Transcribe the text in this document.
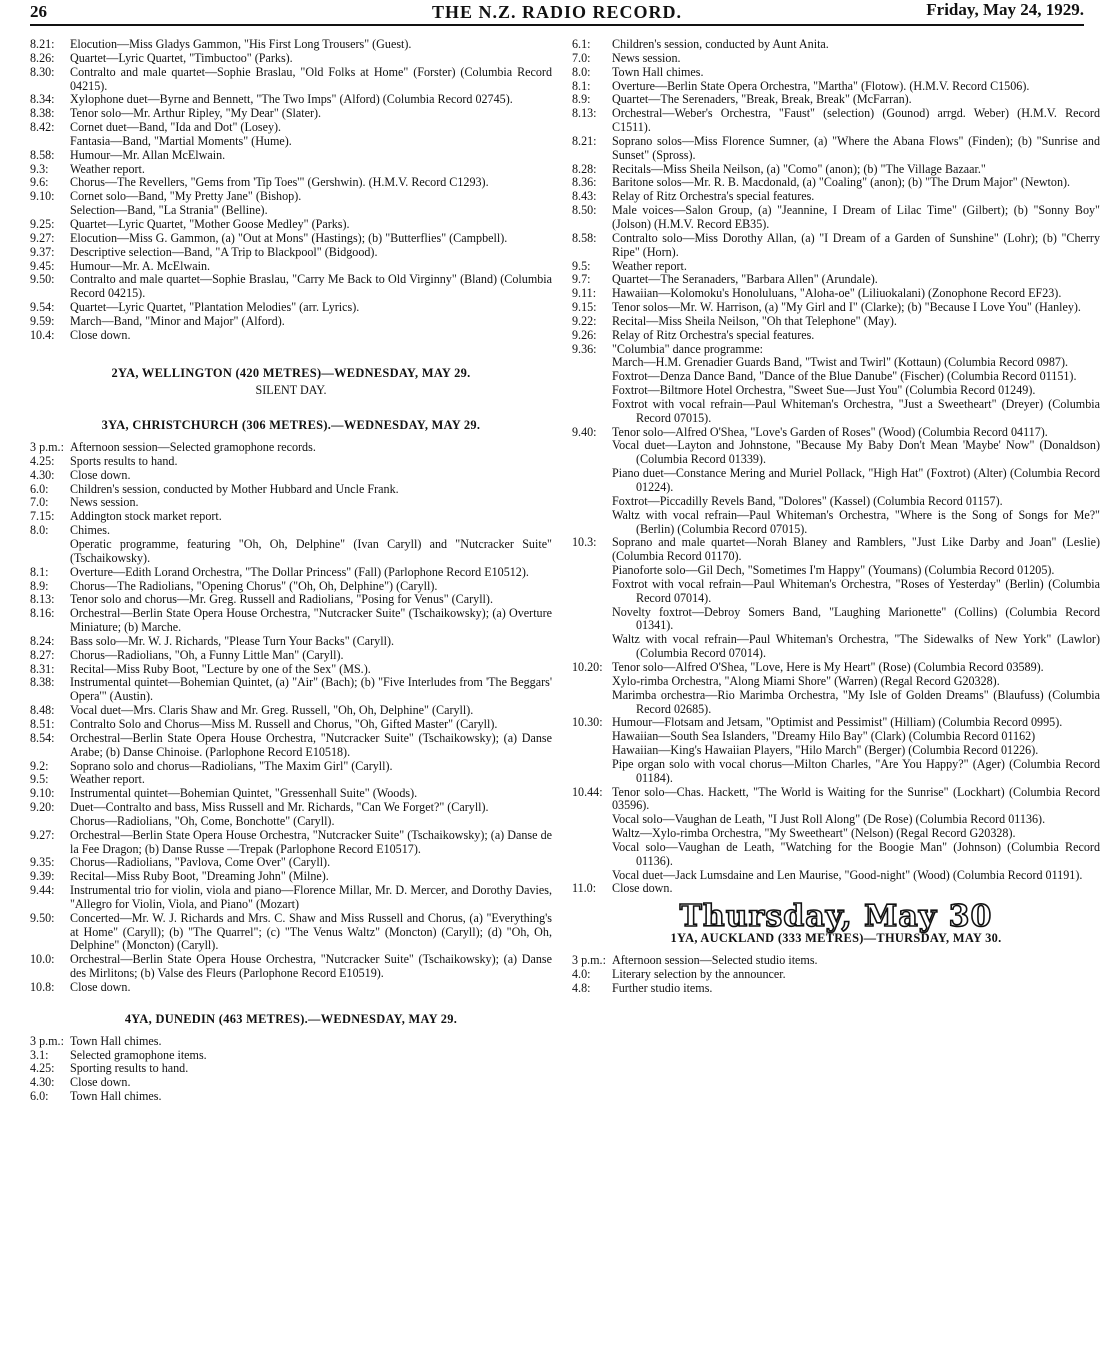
26	THE N.Z. RADIO RECORD.	Friday, May 24, 1929.

8.21: Elocution—Miss Gladys Gammon, "His First Long Trousers" (Guest).

8.26: Quartet—Lyric Quartet, "Timbuctoo" (Parks).

8.30: Contralto and male quartet—Sophie Braslau, "Old Folks at Home" (Forster) (Columbia Record 04215).

8.34: Xylophone duet—Byrne and Bennett, "The Two Imps" (Alford) (Columbia Record 02745).

8.38: Tenor solo—Mr. Arthur Ripley, "My Dear" (Slater).

8.42: Cornet duet—Band, "Ida and Dot" (Losey).

Fantasia—Band, "Martial Moments" (Hume).

8.58: Humour—Mr. Allan McElwain.

9.3: Weather report.

9.6: Chorus—The Revellers, "Gems from 'Tip Toes'" (Gershwin). (H.M.V. Record C1293).

9.10: Cornet solo—Band, "My Pretty Jane" (Bishop).

Selection—Band, "La Strania" (Belline).

9.25: Quartet—Lyric Quartet, "Mother Goose Medley" (Parks).

9.27: Elocution—Miss G. Gammon, (a) "Out at Mons" (Hastings); (b) "Butterflies" (Campbell).

9.37: Descriptive selection—Band, "A Trip to Blackpool" (Bidgood).

9.45: Humour—Mr. A. McElwain.

9.50: Contralto and male quartet—Sophie Braslau, "Carry Me Back to Old Virginny" (Bland) (Columbia Record 04215).

9.54: Quartet—Lyric Quartet, "Plantation Melodies" (arr. Lyrics).

9.59: March—Band, "Minor and Major" (Alford).

10.4: Close down.

2YA, WELLINGTON (420 METRES)—WEDNESDAY, MAY 29.

SILENT DAY.

3YA, CHRISTCHURCH (306 METRES).—WEDNESDAY, MAY 29.

3 p.m.: Afternoon session—Selected gramophone records.

4.25: Sports results to hand.

4.30: Close down.

6.0: Children's session, conducted by Mother Hubbard and Uncle Frank.

7.0: News session.

7.15: Addington stock market report.

8.0: Chimes.

Operatic programme, featuring "Oh, Oh, Delphine" (Ivan Caryll) and "Nutcracker Suite" (Tschaikowsky).

8.1: Overture—Edith Lorand Orchestra, "The Dollar Princess" (Fall) (Parlophone Record E10512).

8.9: Chorus—The Radiolians, "Opening Chorus" ("Oh, Oh, Delphine") (Caryll).

8.13: Tenor solo and chorus—Mr. Greg. Russell and Radiolians, "Posing for Venus" (Caryll).

8.16: Orchestral—Berlin State Opera House Orchestra, "Nutcracker Suite" (Tschaikowsky); (a) Overture Miniature; (b) Marche.

8.24: Bass solo—Mr. W. J. Richards, "Please Turn Your Backs" (Caryll).

8.27: Chorus—Radiolians, "Oh, a Funny Little Man" (Caryll).

8.31: Recital—Miss Ruby Boot, "Lecture by one of the Sex" (MS.).

8.38: Instrumental quintet—Bohemian Quintet, (a) "Air" (Bach); (b) "Five Interludes from 'The Beggars' Opera'" (Austin).

8.48: Vocal duet—Mrs. Claris Shaw and Mr. Greg. Russell, "Oh, Oh, Delphine" (Caryll).

8.51: Contralto Solo and Chorus—Miss M. Russell and Chorus, "Oh, Gifted Master" (Caryll).

8.54: Orchestral—Berlin State Opera House Orchestra, "Nutcracker Suite" (Tschaikowsky); (a) Danse Arabe; (b) Danse Chinoise. (Parlophone Record E10518).

9.2: Soprano solo and chorus—Radiolians, "The Maxim Girl" (Caryll).

9.5: Weather report.

9.10: Instrumental quintet—Bohemian Quintet, "Gressenhall Suite" (Woods).

9.20: Duet—Contralto and bass, Miss Russell and Mr. Richards, "Can We Forget?" (Caryll).

Chorus—Radiolians, "Oh, Come, Bonchotte" (Caryll).

9.27: Orchestral—Berlin State Opera House Orchestra, "Nutcracker Suite" (Tschaikowsky); (a) Danse de la Fee Dragon; (b) Danse Russe —Trepak (Parlophone Record E10517).

9.35: Chorus—Radiolians, "Pavlova, Come Over" (Caryll).

9.39: Recital—Miss Ruby Boot, "Dreaming John" (Milne).

9.44: Instrumental trio for violin, viola and piano—Florence Millar, Mr. D. Mercer, and Dorothy Davies, "Allegro for Violin, Viola, and Piano" (Mozart)

9.50: Concerted—Mr. W. J. Richards and Mrs. C. Shaw and Miss Russell and Chorus, (a) "Everything's at Home" (Caryll); (b) "The Quarrel"; (c) "The Venus Waltz" (Moncton) (Caryll); (d) "Oh, Oh, Delphine" (Moncton) (Caryll).

10.0: Orchestral—Berlin State Opera House Orchestra, "Nutcracker Suite" (Tschaikowsky); (a) Danse des Mirlitons; (b) Valse des Fleurs (Parlophone Record E10519).

10.8: Close down.

4YA, DUNEDIN (463 METRES).—WEDNESDAY, MAY 29.

3 p.m.: Town Hall chimes.

3.1: Selected gramophone items.

4.25: Sporting results to hand.

4.30: Close down.

6.0: Town Hall chimes.

6.1: Children's session, conducted by Aunt Anita.

7.0: News session.

8.0: Town Hall chimes.

8.1: Overture—Berlin State Opera Orchestra, "Martha" (Flotow). (H.M.V. Record C1506).

8.9: Quartet—The Serenaders, "Break, Break, Break" (McFarran).

8.13: Orchestral—Weber's Orchestra, "Faust" (selection) (Gounod) arrgd. Weber) (H.M.V. Record C1511).

8.21: Soprano solos—Miss Florence Sumner, (a) "Where the Abana Flows" (Finden); (b) "Sunrise and Sunset" (Spross).

8.28: Recitals—Miss Sheila Neilson, (a) "Como" (anon); (b) "The Village Bazaar."

8.36: Baritone solos—Mr. R. B. Macdonald, (a) "Coaling" (anon); (b) "The Drum Major" (Newton).

8.43: Relay of Ritz Orchestra's special features.

8.50: Male voices—Salon Group, (a) "Jeannine, I Dream of Lilac Time" (Gilbert); (b) "Sonny Boy" (Jolson) (H.M.V. Record EB35).

8.58: Contralto solo—Miss Dorothy Allan, (a) "I Dream of a Garden of Sunshine" (Lohr); (b) "Cherry Ripe" (Horn).

9.5: Weather report.

9.7: Quartet—The Seranaders, "Barbara Allen" (Arundale).

9.11: Hawaiian—Kolomoku's Honoluluans, "Aloha-oe" (Liliuokalani) (Zonophone Record EF23).

9.15: Tenor solos—Mr. W. Harrison, (a) "My Girl and I" (Clarke); (b) "Because I Love You" (Hanley).

9.22: Recital—Miss Sheila Neilson, "Oh that Telephone" (May).

9.26: Relay of Ritz Orchestra's special features.

9.36: "Columbia" dance programme:

March—H.M. Grenadier Guards Band, "Twist and Twirl" (Kottaun) (Columbia Record 0987).

Foxtrot—Denza Dance Band, "Dance of the Blue Danube" (Fischer) (Columbia Record 01151).

Foxtrot—Biltmore Hotel Orchestra, "Sweet Sue—Just You" (Columbia Record 01249).

Foxtrot with vocal refrain—Paul Whiteman's Orchestra, "Just a Sweetheart" (Dreyer) (Columbia Record 07015).

9.40: Tenor solo—Alfred O'Shea, "Love's Garden of Roses" (Wood) (Columbia Record 04117).

Vocal duet—Layton and Johnstone, "Because My Baby Don't Mean 'Maybe' Now" (Donaldson) (Columbia Record 01339).

Piano duet—Constance Mering and Muriel Pollack, "High Hat" (Foxtrot) (Alter) (Columbia Record 01224).

Foxtrot—Piccadilly Revels Band, "Dolores" (Kassel) (Columbia Record 01157).

Waltz with vocal refrain—Paul Whiteman's Orchestra, "Where is the Song of Songs for Me?" (Berlin) (Columbia Record 07015).

10.3: Soprano and male quartet—Norah Blaney and Ramblers, "Just Like Darby and Joan" (Leslie) (Columbia Record 01170).

Pianoforte solo—Gil Dech, "Sometimes I'm Happy" (Youmans) (Columbia Record 01205).

Foxtrot with vocal refrain—Paul Whiteman's Orchestra, "Roses of Yesterday" (Berlin) (Columbia Record 07014).

Novelty foxtrot—Debroy Somers Band, "Laughing Marionette" (Collins) (Columbia Record 01341).

Waltz with vocal refrain—Paul Whiteman's Orchestra, "The Sidewalks of New York" (Lawlor) (Columbia Record 07014).

10.20: Tenor solo—Alfred O'Shea, "Love, Here is My Heart" (Rose) (Columbia Record 03589).

Xylo-rimba Orchestra, "Along Miami Shore" (Warren) (Regal Record G20328).

Marimba orchestra—Rio Marimba Orchestra, "My Isle of Golden Dreams" (Blaufuss) (Columbia Record 02685).

10.30: Humour—Flotsam and Jetsam, "Optimist and Pessimist" (Hilliam) (Columbia Record 0995).

Hawaiian—South Sea Islanders, "Dreamy Hilo Bay" (Clark) (Columbia Record 01162)

Hawaiian—King's Hawaiian Players, "Hilo March" (Berger) (Columbia Record 01226).

Pipe organ solo with vocal chorus—Milton Charles, "Are You Happy?" (Ager) (Columbia Record 01184).

10.44: Tenor solo—Chas. Hackett, "The World is Waiting for the Sunrise" (Lockhart) (Columbia Record 03596).

Vocal solo—Vaughan de Leath, "I Just Roll Along" (De Rose) (Columbia Record 01136).

Waltz—Xylo-rimba Orchestra, "My Sweetheart" (Nelson) (Regal Record G20328).

Vocal solo—Vaughan de Leath, "Watching for the Boogie Man" (Johnson) (Columbia Record 01136).

Vocal duet—Jack Lumsdaine and Len Maurise, "Good-night" (Wood) (Columbia Record 01191).

11.0: Close down.

Thursday, May 30

1YA, AUCKLAND (333 METRES)—THURSDAY, MAY 30.

3 p.m.: Afternoon session—Selected studio items.

4.0: Literary selection by the announcer.

4.8: Further studio items.
